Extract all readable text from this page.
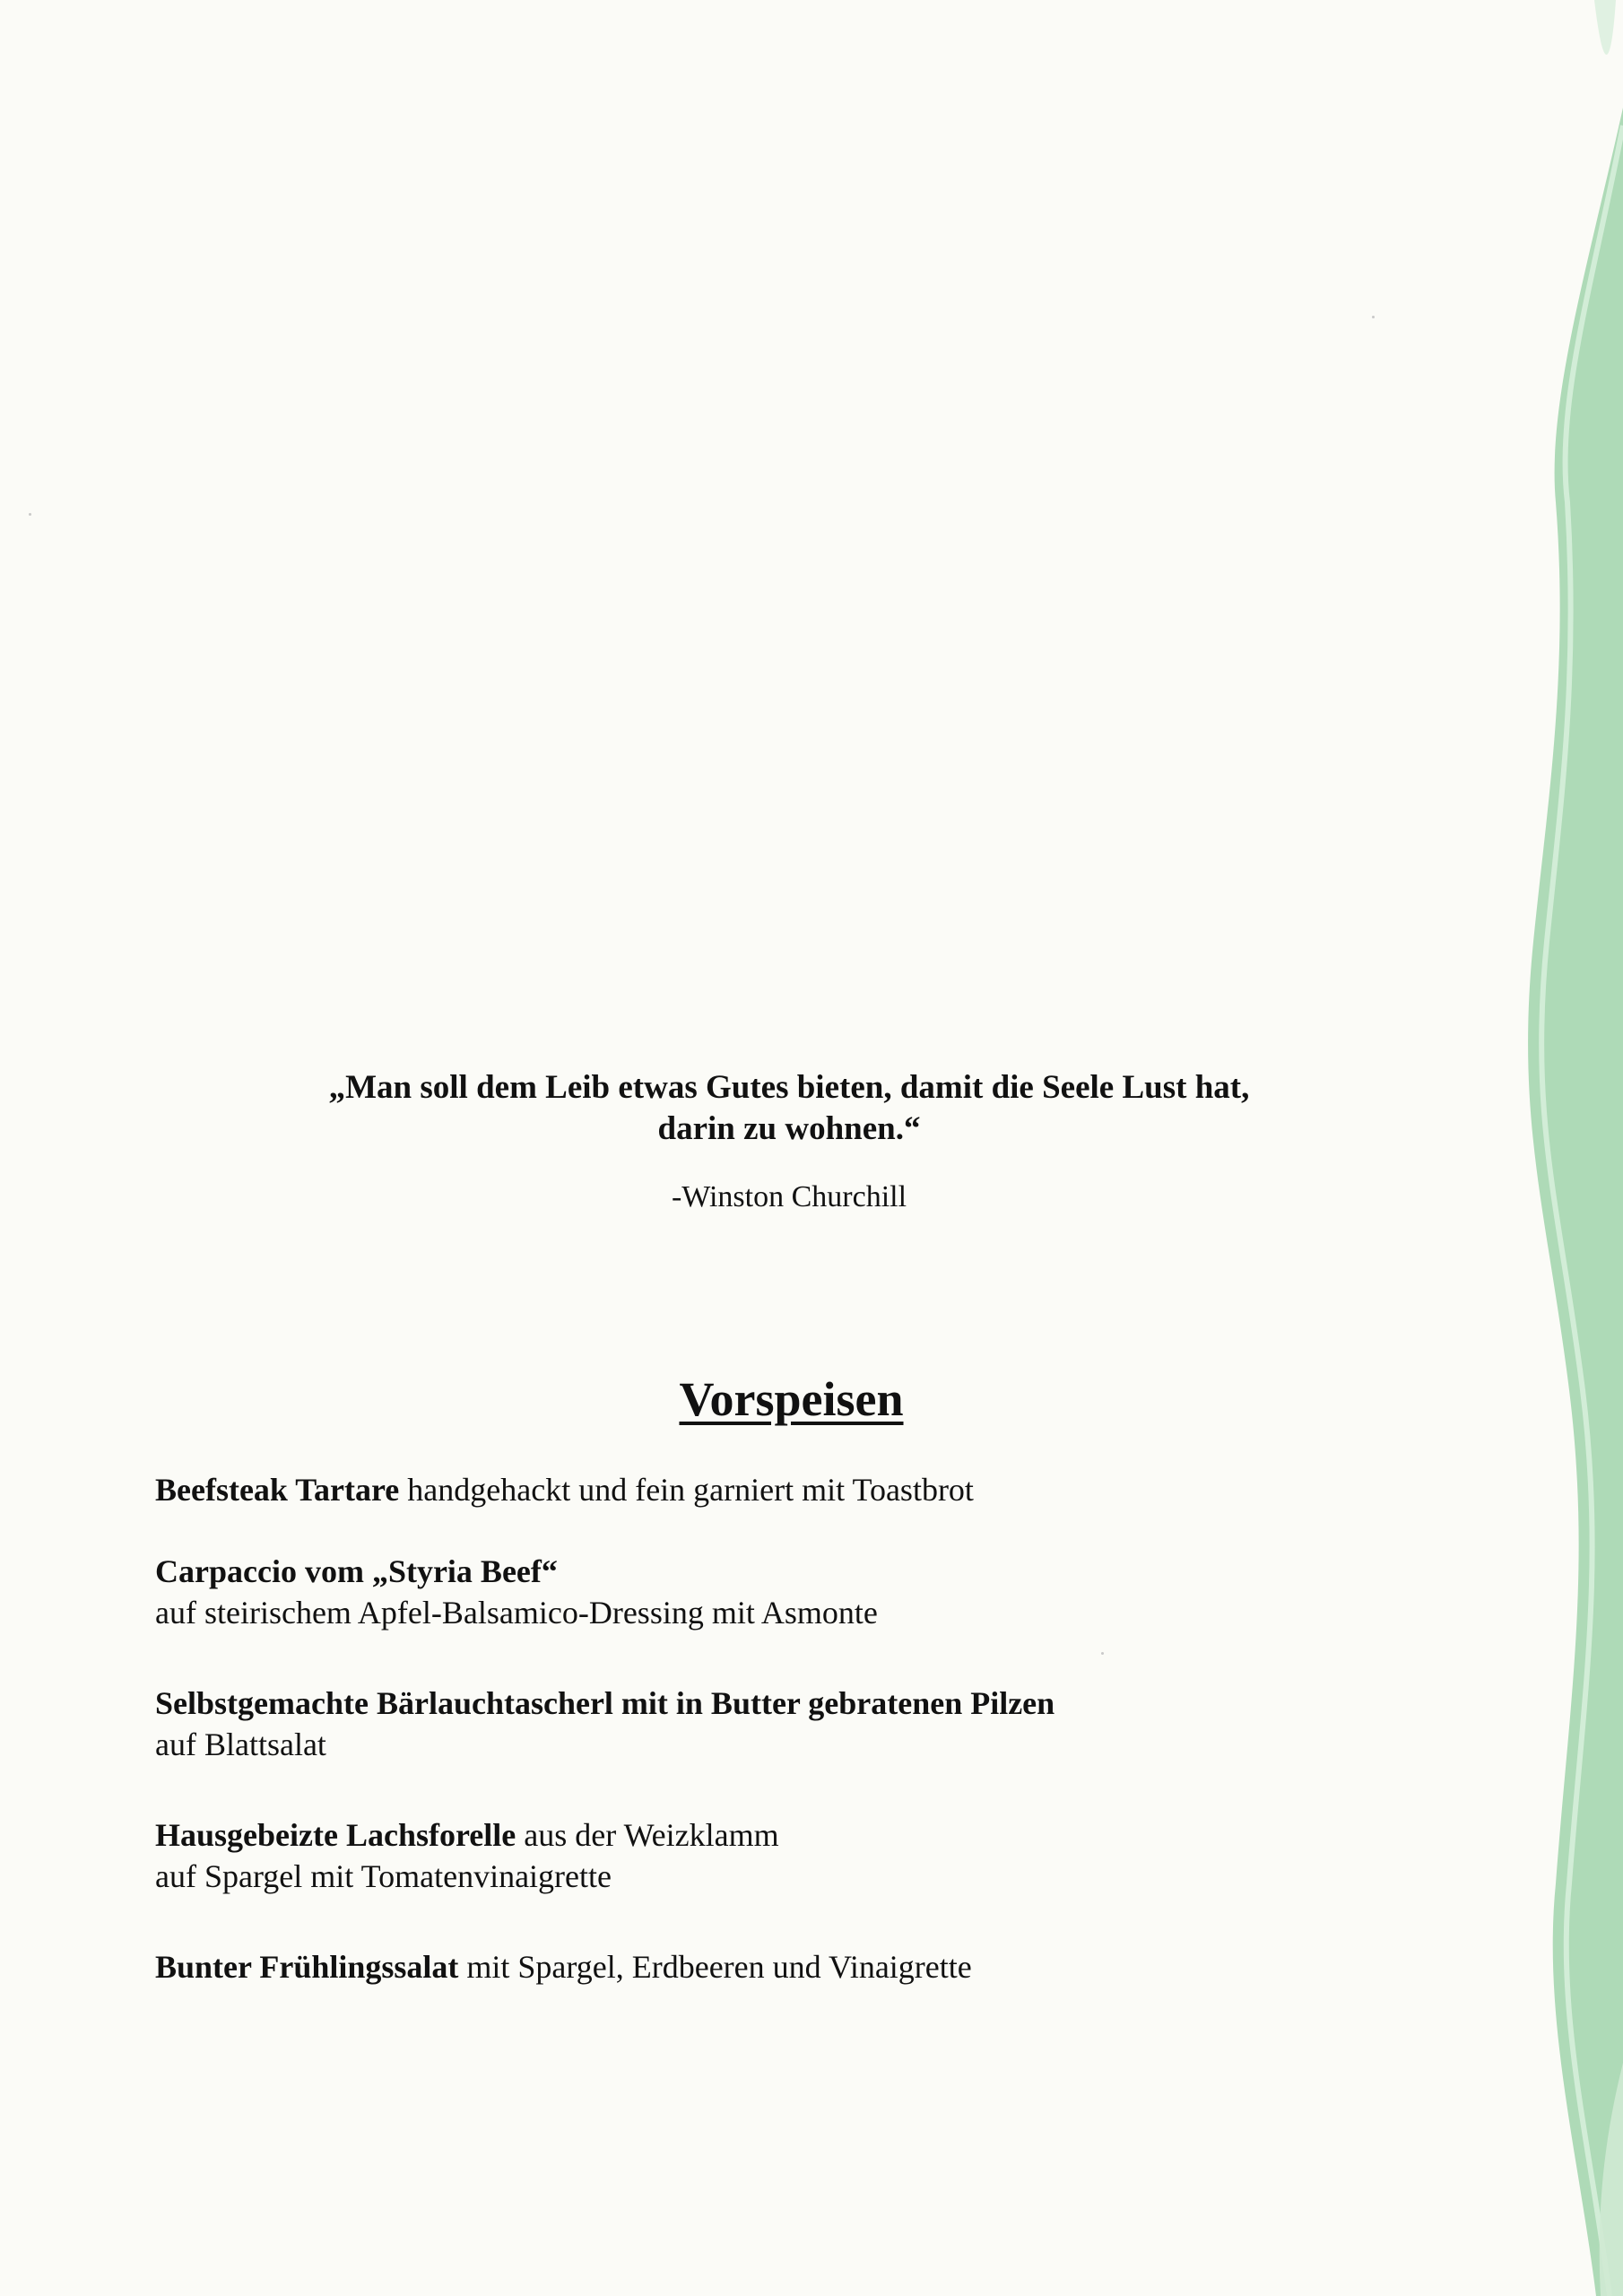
„Man soll dem Leib etwas Gutes bieten, damit die Seele Lust hat,

darin zu wohnen.“

-Winston Churchill
Vorspeisen

Beefsteak Tartare handgehackt und fein garniert mit Toastbrot

Carpaccio vom „Styria Beef“
auf steirischem Apfel-Balsamico-Dressing mit Asmonte

Selbstgemachte Bärlauchtascherl mit in Butter gebratenen Pilzen
auf Blattsalat

Hausgebeizte Lachsforelle aus der Weizklamm
auf Spargel mit Tomatenvinaigrette

Bunter Frühlingssalat mit Spargel, Erdbeeren und Vinaigrette
